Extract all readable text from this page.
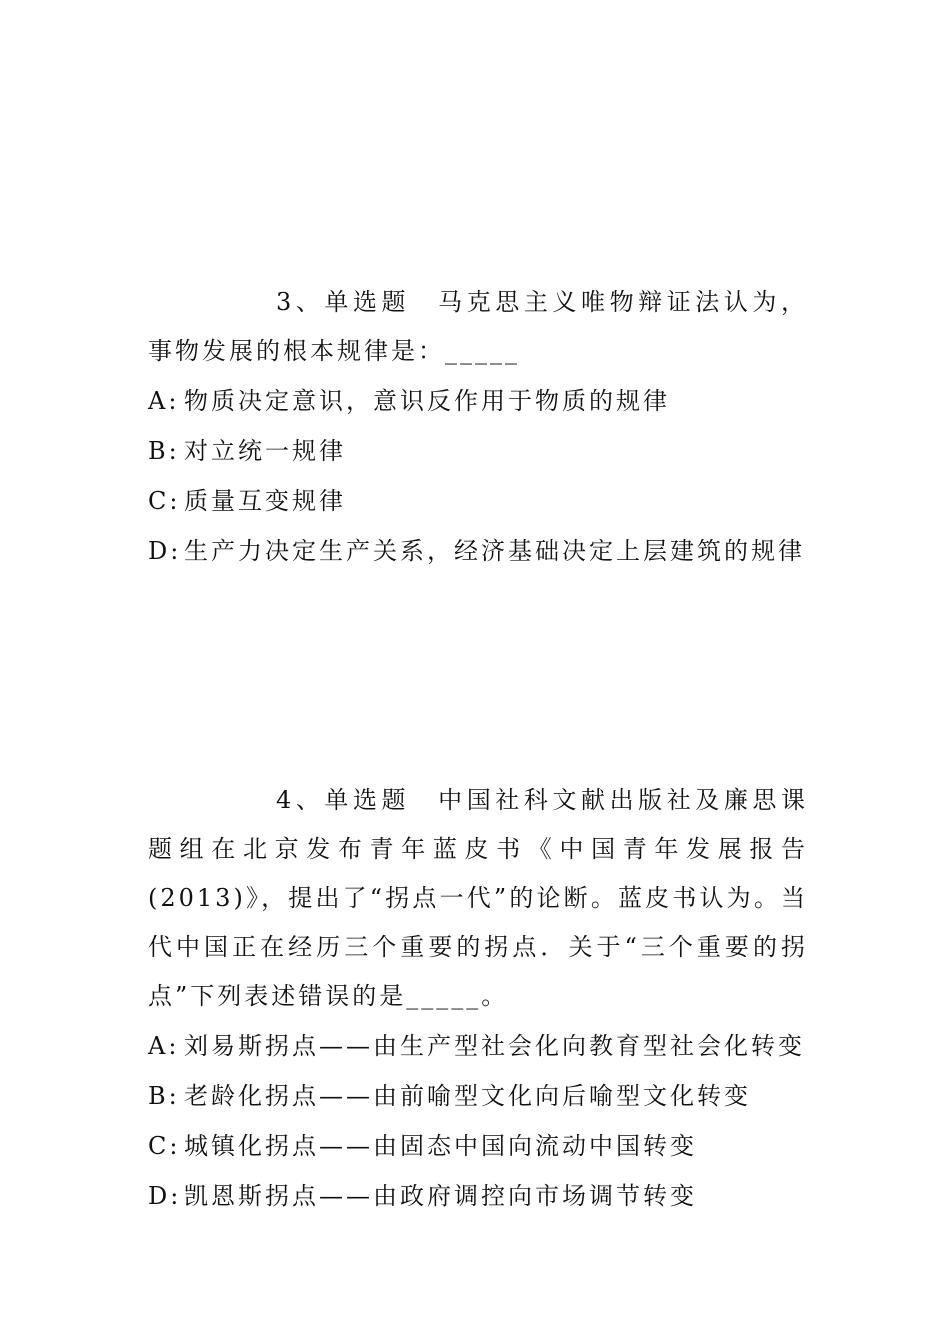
3、单选题 马克思主义唯物辩证法认为，事物发展的根本规律是：_____

A: 物质决定意识，意识反作用于物质的规律
B: 对立统一规律
C: 质量互变规律
D: 生产力决定生产关系，经济基础决定上层建筑的规律

4、单选题 中国社科文献出版社及廉思课题组在北京发布青年蓝皮书《中国青年发展报告(2013)》，提出了“拐点一代”的论断。蓝皮书认为。当代中国正在经历三个重要的拐点．关于“三个重要的拐点”下列表述错误的是_____。

A: 刘易斯拐点——由生产型社会化向教育型社会化转变
B: 老龄化拐点——由前喻型文化向后喻型文化转变
C: 城镇化拐点——由固态中国向流动中国转变
D: 凯恩斯拐点——由政府调控向市场调节转变
